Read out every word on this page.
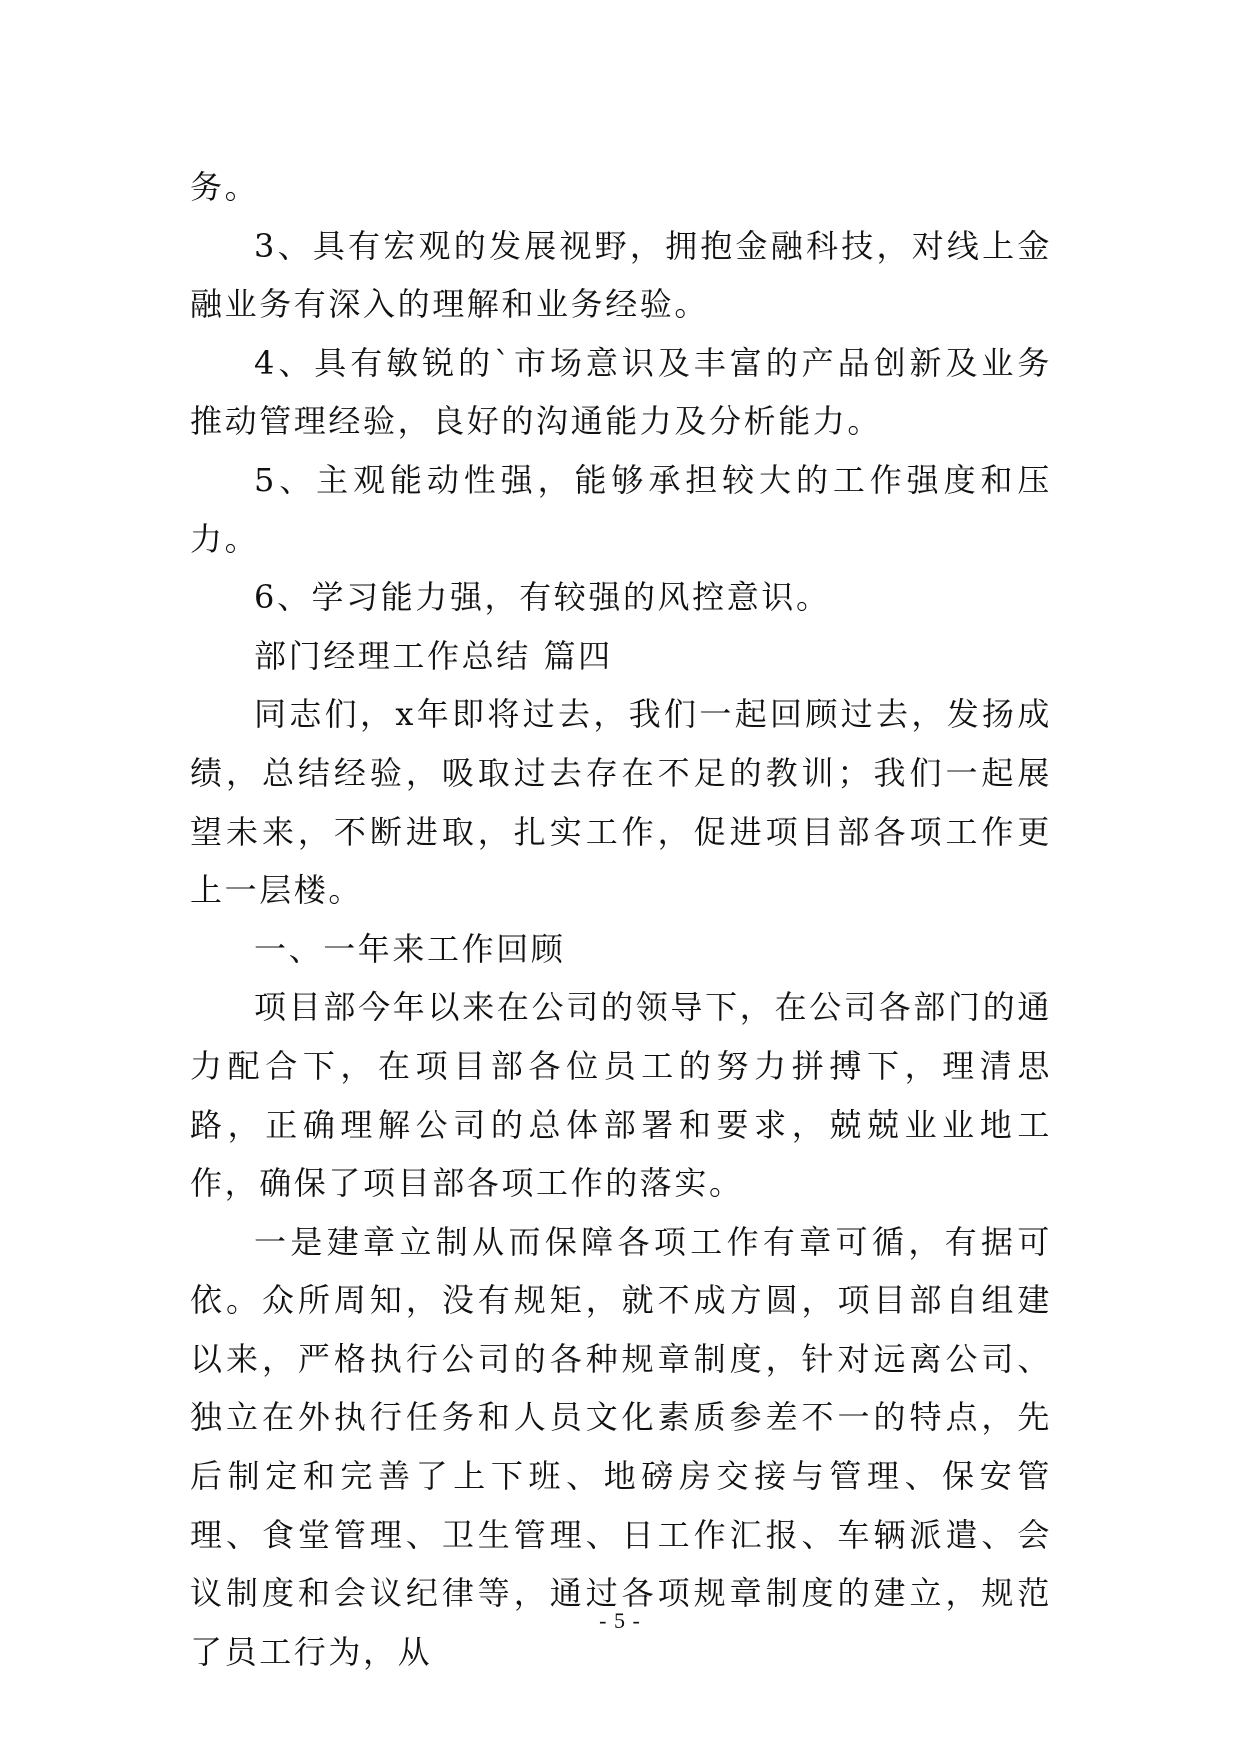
务。

3、具有宏观的发展视野，拥抱金融科技，对线上金融业务有深入的理解和业务经验。

4、具有敏锐的`市场意识及丰富的产品创新及业务推动管理经验，良好的沟通能力及分析能力。

5、主观能动性强，能够承担较大的工作强度和压力。

6、学习能力强，有较强的风控意识。

部门经理工作总结 篇四

同志们，x年即将过去，我们一起回顾过去，发扬成绩，总结经验，吸取过去存在不足的教训；我们一起展望未来，不断进取，扎实工作，促进项目部各项工作更上一层楼。

一、一年来工作回顾

项目部今年以来在公司的领导下，在公司各部门的通力配合下，在项目部各位员工的努力拼搏下，理清思路，正确理解公司的总体部署和要求，兢兢业业地工作，确保了项目部各项工作的落实。

一是建章立制从而保障各项工作有章可循，有据可依。众所周知，没有规矩，就不成方圆，项目部自组建以来，严格执行公司的各种规章制度，针对远离公司、独立在外执行任务和人员文化素质参差不一的特点，先后制定和完善了上下班、地磅房交接与管理、保安管理、食堂管理、卫生管理、日工作汇报、车辆派遣、会议制度和会议纪律等，通过各项规章制度的建立，规范了员工行为，从

- 5 -
